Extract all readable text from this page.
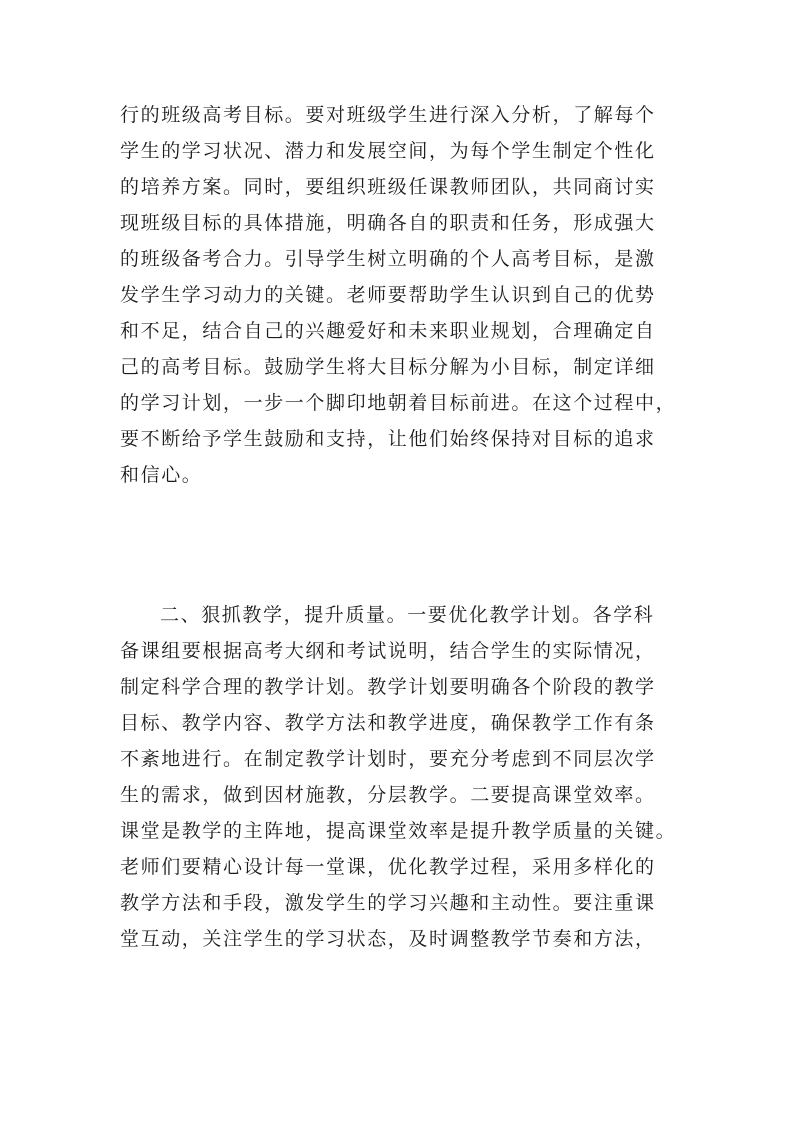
行的班级高考目标。要对班级学生进行深入分析，了解每个
学生的学习状况、潜力和发展空间，为每个学生制定个性化
的培养方案。同时，要组织班级任课教师团队，共同商讨实
现班级目标的具体措施，明确各自的职责和任务，形成强大
的班级备考合力。引导学生树立明确的个人高考目标，是激
发学生学习动力的关键。老师要帮助学生认识到自己的优势
和不足，结合自己的兴趣爱好和未来职业规划，合理确定自
己的高考目标。鼓励学生将大目标分解为小目标，制定详细
的学习计划，一步一个脚印地朝着目标前进。在这个过程中，
要不断给予学生鼓励和支持，让他们始终保持对目标的追求
和信心。
二、狠抓教学，提升质量。一要优化教学计划。各学科
备课组要根据高考大纲和考试说明，结合学生的实际情况，
制定科学合理的教学计划。教学计划要明确各个阶段的教学
目标、教学内容、教学方法和教学进度，确保教学工作有条
不紊地进行。在制定教学计划时，要充分考虑到不同层次学
生的需求，做到因材施教，分层教学。二要提高课堂效率。
课堂是教学的主阵地，提高课堂效率是提升教学质量的关键。
老师们要精心设计每一堂课，优化教学过程，采用多样化的
教学方法和手段，激发学生的学习兴趣和主动性。要注重课
堂互动，关注学生的学习状态，及时调整教学节奏和方法，
